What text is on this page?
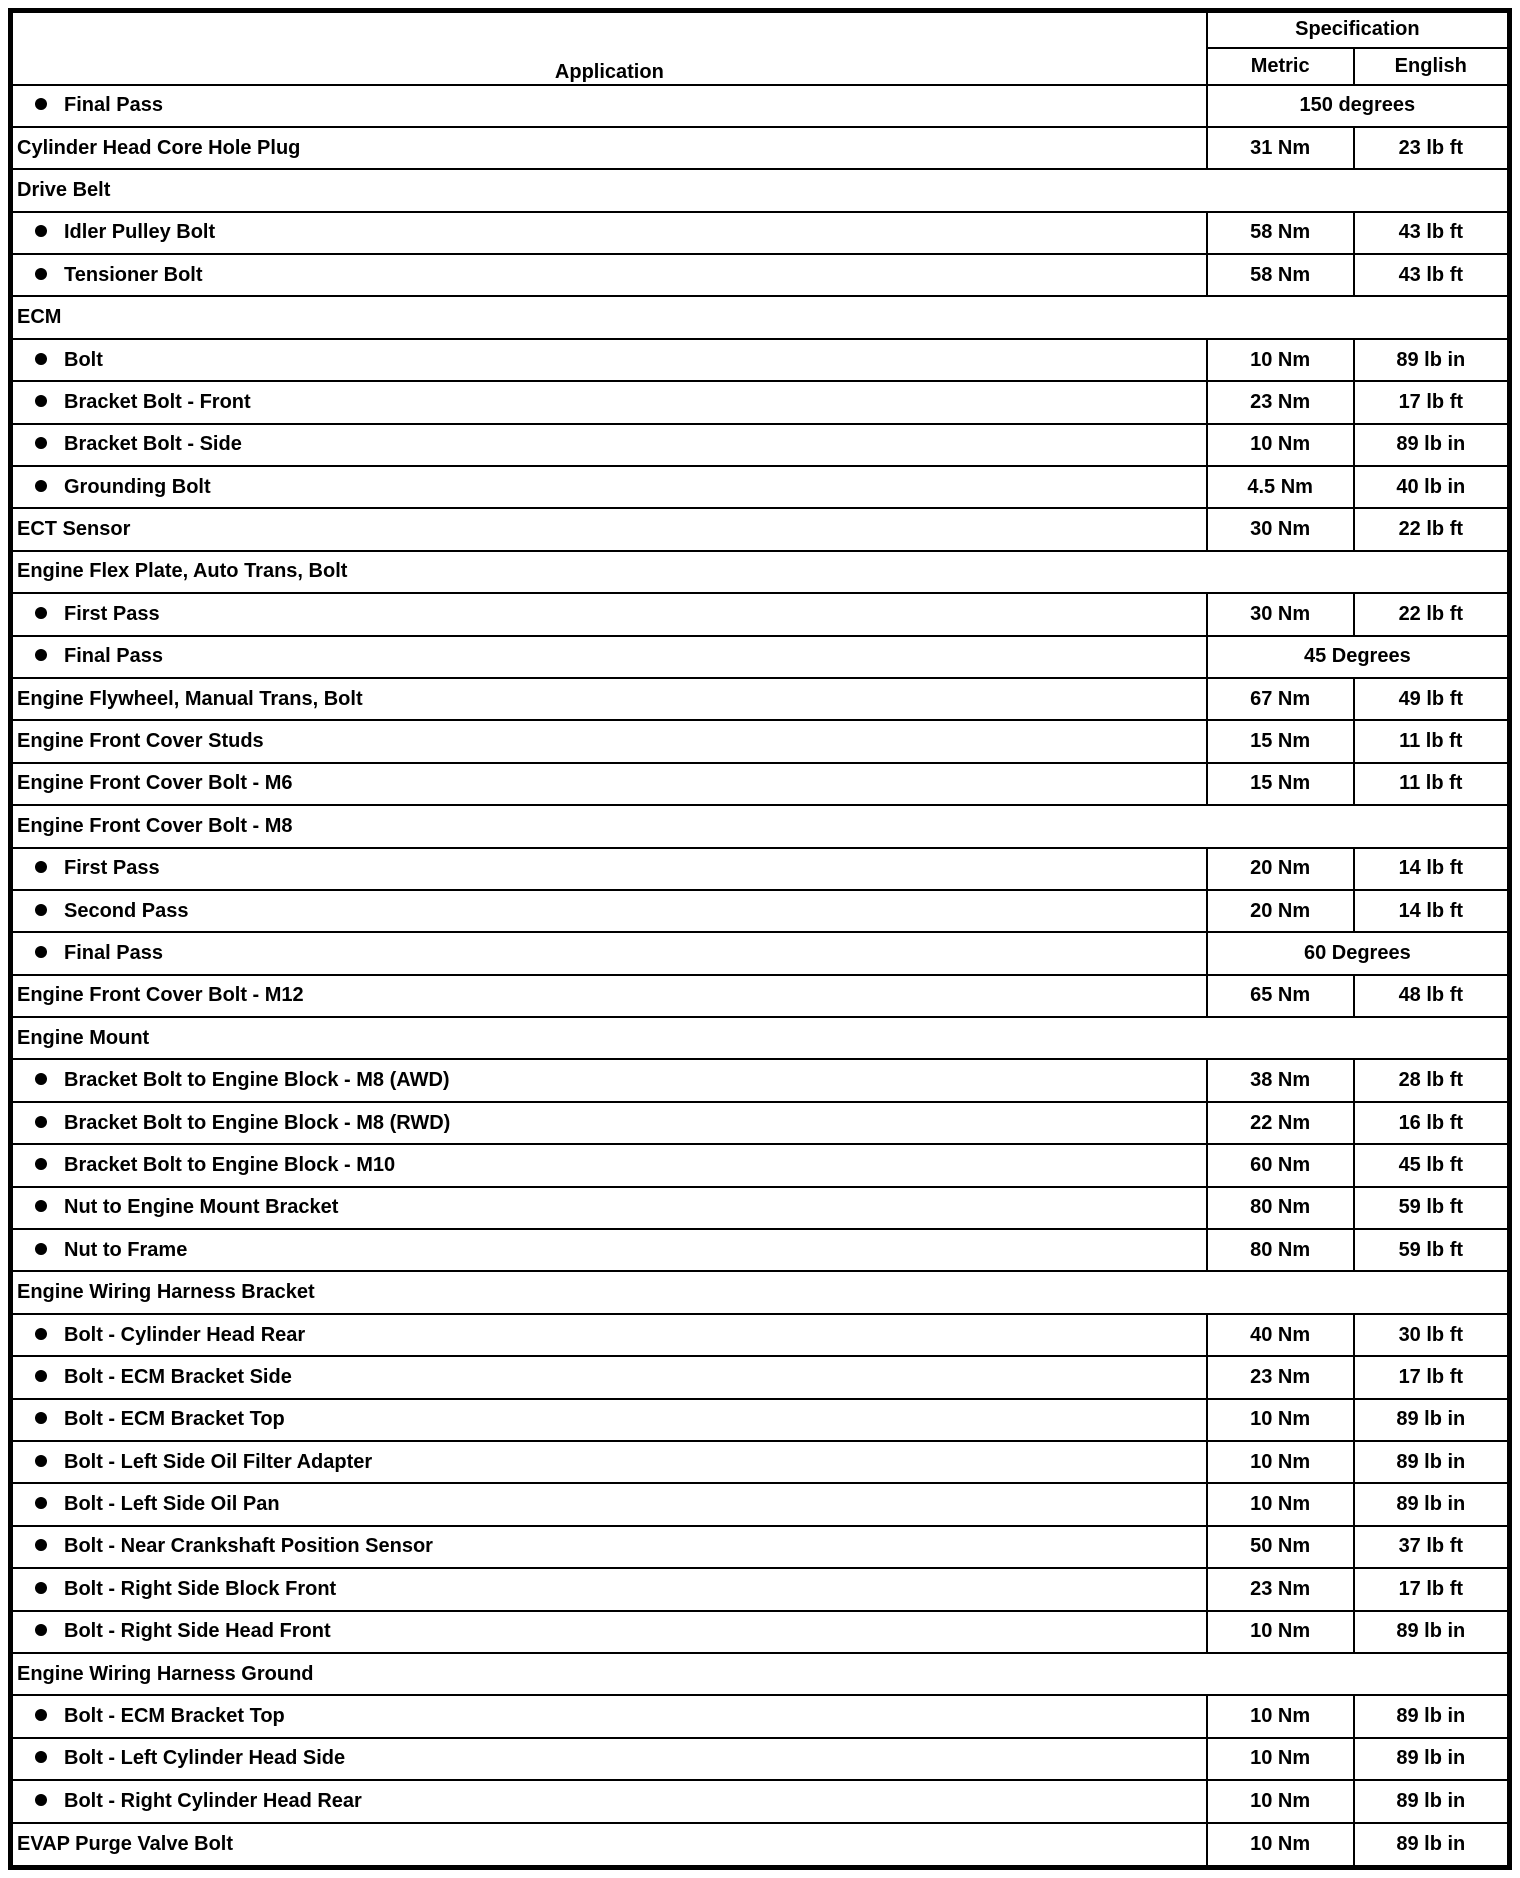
Application	Specification	
	Metric	English
Final Pass	150 degrees	
Cylinder Head Core Hole Plug	31 Nm	23 lb ft
Drive Belt		
Idler Pulley Bolt	58 Nm	43 lb ft
Tensioner Bolt	58 Nm	43 lb ft
ECM		
Bolt	10 Nm	89 lb in
Bracket Bolt - Front	23 Nm	17 lb ft
Bracket Bolt - Side	10 Nm	89 lb in
Grounding Bolt	4.5 Nm	40 lb in
ECT Sensor	30 Nm	22 lb ft
Engine Flex Plate, Auto Trans, Bolt		
First Pass	30 Nm	22 lb ft
Final Pass	45 Degrees	
Engine Flywheel, Manual Trans, Bolt	67 Nm	49 lb ft
Engine Front Cover Studs	15 Nm	11 lb ft
Engine Front Cover Bolt - M6	15 Nm	11 lb ft
Engine Front Cover Bolt - M8		
First Pass	20 Nm	14 lb ft
Second Pass	20 Nm	14 lb ft
Final Pass	60 Degrees	
Engine Front Cover Bolt - M12	65 Nm	48 lb ft
Engine Mount		
Bracket Bolt to Engine Block - M8 (AWD)	38 Nm	28 lb ft
Bracket Bolt to Engine Block - M8 (RWD)	22 Nm	16 lb ft
Bracket Bolt to Engine Block - M10	60 Nm	45 lb ft
Nut to Engine Mount Bracket	80 Nm	59 lb ft
Nut to Frame	80 Nm	59 lb ft
Engine Wiring Harness Bracket		
Bolt - Cylinder Head Rear	40 Nm	30 lb ft
Bolt - ECM Bracket Side	23 Nm	17 lb ft
Bolt - ECM Bracket Top	10 Nm	89 lb in
Bolt - Left Side Oil Filter Adapter	10 Nm	89 lb in
Bolt - Left Side Oil Pan	10 Nm	89 lb in
Bolt - Near Crankshaft Position Sensor	50 Nm	37 lb ft
Bolt - Right Side Block Front	23 Nm	17 lb ft
Bolt - Right Side Head Front	10 Nm	89 lb in
Engine Wiring Harness Ground		
Bolt - ECM Bracket Top	10 Nm	89 lb in
Bolt - Left Cylinder Head Side	10 Nm	89 lb in
Bolt - Right Cylinder Head Rear	10 Nm	89 lb in
EVAP Purge Valve Bolt	10 Nm	89 lb in
